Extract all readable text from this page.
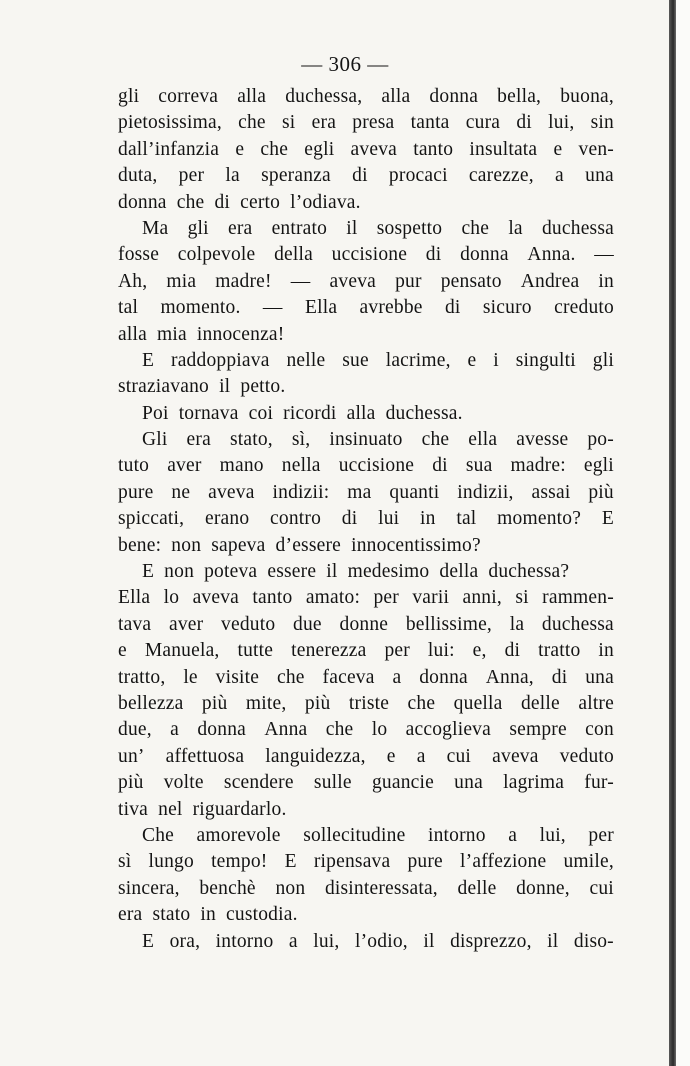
— 306 —
gli correva alla duchessa, alla donna bella, buona,
pietosissima, che si era presa tanta cura di lui, sin
dall’infanzia e che egli aveva tanto insultata e ven-
duta, per la speranza di procaci carezze, a una
donna che di certo l’odiava.
Ma gli era entrato il sospetto che la duchessa
fosse colpevole della uccisione di donna Anna. —
Ah, mia madre! — aveva pur pensato Andrea in
tal momento. — Ella avrebbe di sicuro creduto
alla mia innocenza!
E raddoppiava nelle sue lacrime, e i singulti gli
straziavano il petto.
Poi tornava coi ricordi alla duchessa.
Gli era stato, sì, insinuato che ella avesse po-
tuto aver mano nella uccisione di sua madre: egli
pure ne aveva indizii: ma quanti indizii, assai più
spiccati, erano contro di lui in tal momento? E
bene: non sapeva d’essere innocentissimo?
E non poteva essere il medesimo della duchessa?
Ella lo aveva tanto amato: per varii anni, si rammen-
tava aver veduto due donne bellissime, la duchessa
e Manuela, tutte tenerezza per lui: e, di tratto in
tratto, le visite che faceva a donna Anna, di una
bellezza più mite, più triste che quella delle altre
due, a donna Anna che lo accoglieva sempre con
un’ affettuosa languidezza, e a cui aveva veduto
più volte scendere sulle guancie una lagrima fur-
tiva nel riguardarlo.
Che amorevole sollecitudine intorno a lui, per
sì lungo tempo! E ripensava pure l’affezione umile,
sincera, benchè non disinteressata, delle donne, cui
era stato in custodia.
E ora, intorno a lui, l’odio, il disprezzo, il diso-
